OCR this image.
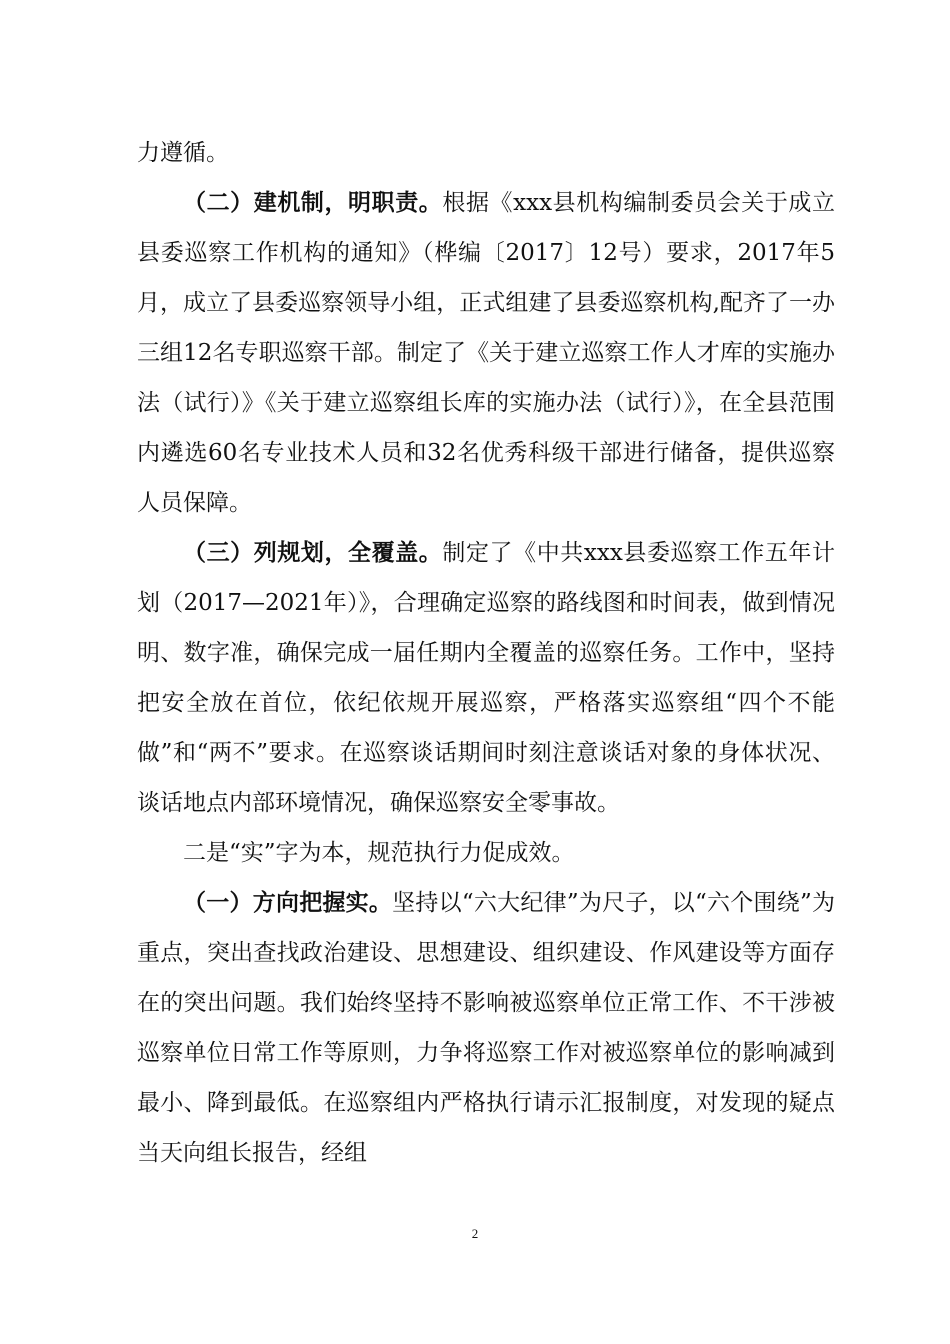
力遵循。

（二）建机制，明职责。根据《xxx县机构编制委员会关于成立县委巡察工作机构的通知》（桦编〔2017〕12号）要求，2017年5月，成立了县委巡察领导小组，正式组建了县委巡察机构,配齐了一办三组12名专职巡察干部。制定了《关于建立巡察工作人才库的实施办法（试行）》《关于建立巡察组长库的实施办法（试行）》，在全县范围内遴选60名专业技术人员和32名优秀科级干部进行储备，提供巡察人员保障。

（三）列规划，全覆盖。制定了《中共xxx县委巡察工作五年计划（2017—2021年）》，合理确定巡察的路线图和时间表，做到情况明、数字准，确保完成一届任期内全覆盖的巡察任务。工作中，坚持把安全放在首位，依纪依规开展巡察，严格落实巡察组“四个不能做”和“两不”要求。在巡察谈话期间时刻注意谈话对象的身体状况、谈话地点内部环境情况，确保巡察安全零事故。

二是“实”字为本，规范执行力促成效。

（一）方向把握实。坚持以“六大纪律”为尺子，以“六个围绕”为重点，突出查找政治建设、思想建设、组织建设、作风建设等方面存在的突出问题。我们始终坚持不影响被巡察单位正常工作、不干涉被巡察单位日常工作等原则，力争将巡察工作对被巡察单位的影响减到最小、降到最低。在巡察组内严格执行请示汇报制度，对发现的疑点当天向组长报告，经组

2
